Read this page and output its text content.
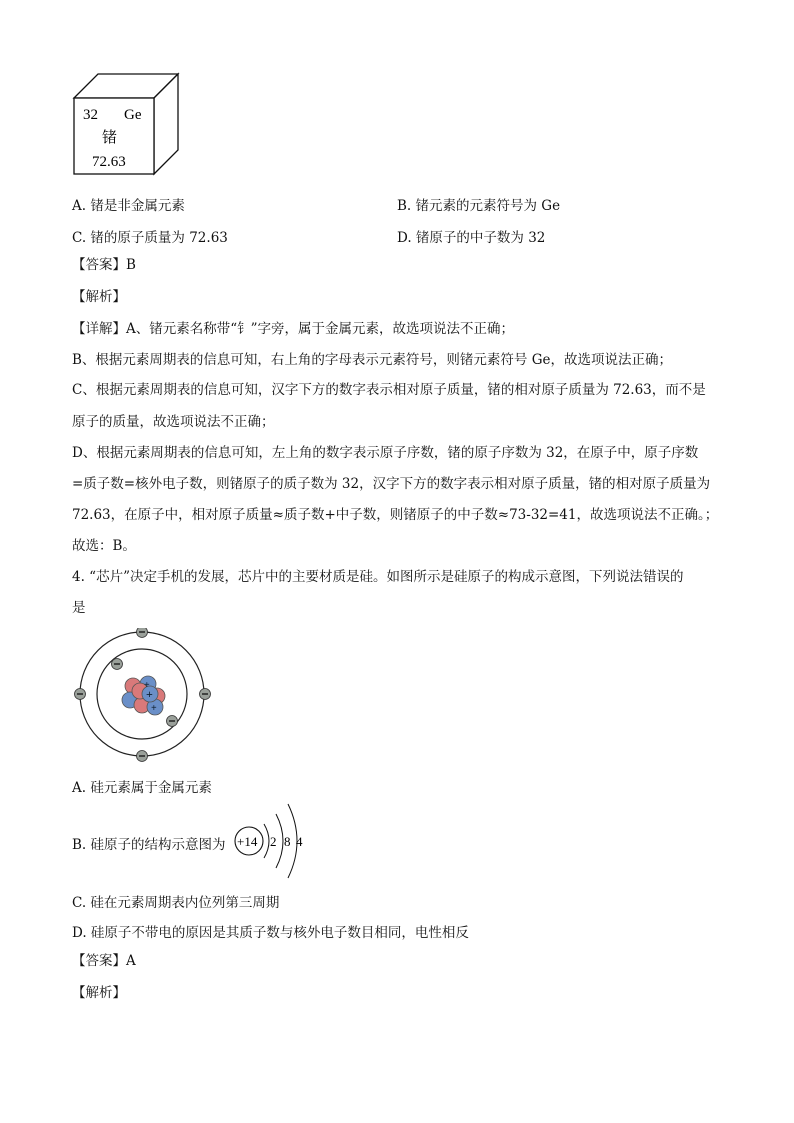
32 Ge
锗
72.63
A. 锗是非金属元素	B. 锗元素的元素符号为 Ge
C. 锗的原子质量为 72.63	D. 锗原子的中子数为 32
【答案】B
【解析】
【详解】A、锗元素名称带“钅”字旁，属于金属元素，故选项说法不正确；
B、根据元素周期表的信息可知，右上角的字母表示元素符号，则锗元素符号 Ge，故选项说法正确；
C、根据元素周期表的信息可知，汉字下方的数字表示相对原子质量，锗的相对原子质量为 72.63，而不是
原子的质量，故选项说法不正确；
D、根据元素周期表的信息可知，左上角的数字表示原子序数，锗的原子序数为 32，在原子中，原子序数
=质子数=核外电子数，则锗原子的质子数为 32，汉字下方的数字表示相对原子质量，锗的相对原子质量为
72.63，在原子中，相对原子质量≈质子数+中子数，则锗原子的中子数≈73-32=41，故选项说法不正确。；
故选：B。
4. “芯片”决定手机的发展，芯片中的主要材质是硅。如图所示是硅原子的构成示意图，下列说法错误的
是
+
+
+
A. 硅元素属于金属元素
B. 硅原子的结构示意图为 +14 2 8 4
C. 硅在元素周期表内位列第三周期
D. 硅原子不带电的原因是其质子数与核外电子数目相同，电性相反
【答案】A
【解析】
